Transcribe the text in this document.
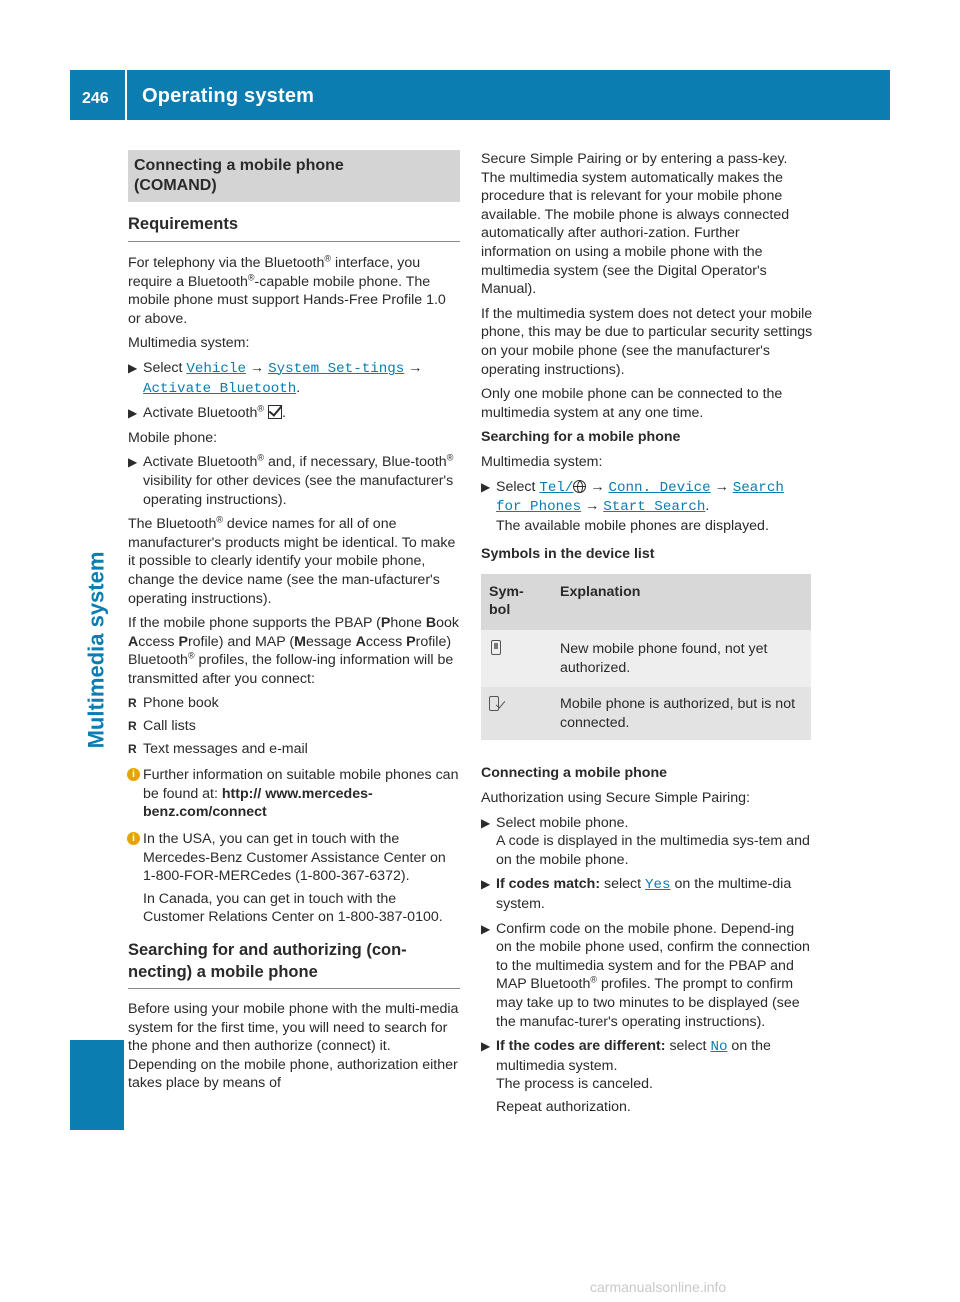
246 Operating system
Multimedia system
Connecting a mobile phone
(COMAND)
Requirements

For telephony via the Bluetooth® interface, you require a Bluetooth®-capable mobile phone. The mobile phone must support Hands-Free Profile 1.0 or above.

Multimedia system:

▶ Select Vehicle → System Set‐tings → Activate Bluetooth.
▶ Activate Bluetooth® .

Mobile phone:

▶ Activate Bluetooth® and, if necessary, Blue-tooth® visibility for other devices (see the manufacturer's operating instructions).

The Bluetooth® device names for all of one manufacturer's products might be identical. To make it possible to clearly identify your mobile phone, change the device name (see the man-ufacturer's operating instructions).

If the mobile phone supports the PBAP (Phone Book Access Profile) and MAP (Message Access Profile) Bluetooth® profiles, the follow-ing information will be transmitted after you connect:

R Phone book
R Call lists
R Text messages and e-mail
i Further information on suitable mobile phones can be found at: http:// www.mercedes-benz.com/connect
i In the USA, you can get in touch with the Mercedes-Benz Customer Assistance Center on 1-800-FOR-MERCedes (1-800-367-6372).
In Canada, you can get in touch with the Customer Relations Center on 1-800-387-0100.
Searching for and authorizing (con-necting) a mobile phone

Before using your mobile phone with the multi-media system for the first time, you will need to search for the phone and then authorize (connect) it. Depending on the mobile phone, authorization either takes place by means of

Secure Simple Pairing or by entering a pass-key. The multimedia system automatically makes the procedure that is relevant for your mobile phone available. The mobile phone is always connected automatically after authori-zation. Further information on using a mobile phone with the multimedia system (see the Digital Operator's Manual).

If the multimedia system does not detect your mobile phone, this may be due to particular security settings on your mobile phone (see the manufacturer's operating instructions).

Only one mobile phone can be connected to the multimedia system at any one time.

Searching for a mobile phone

Multimedia system:

▶ Select Tel/ → Conn. Device → Search for Phones → Start Search.
The available mobile phones are displayed.

Symbols in the device list

Sym-bol	Explanation
	New mobile phone found, not yet authorized.

	Mobile phone is authorized, but is not connected.

Connecting a mobile phone

Authorization using Secure Simple Pairing:

▶ Select mobile phone.
A code is displayed in the multimedia sys-tem and on the mobile phone.
▶ If codes match: select Yes on the multime-dia system.
▶ Confirm code on the mobile phone. Depend-ing on the mobile phone used, confirm the connection to the multimedia system and for the PBAP and MAP Bluetooth® profiles. The prompt to confirm may take up to two minutes to be displayed (see the manufac-turer's operating instructions).
▶ If the codes are different: select No on the multimedia system.
The process is canceled.
Repeat authorization.
carmanualsonline.info
